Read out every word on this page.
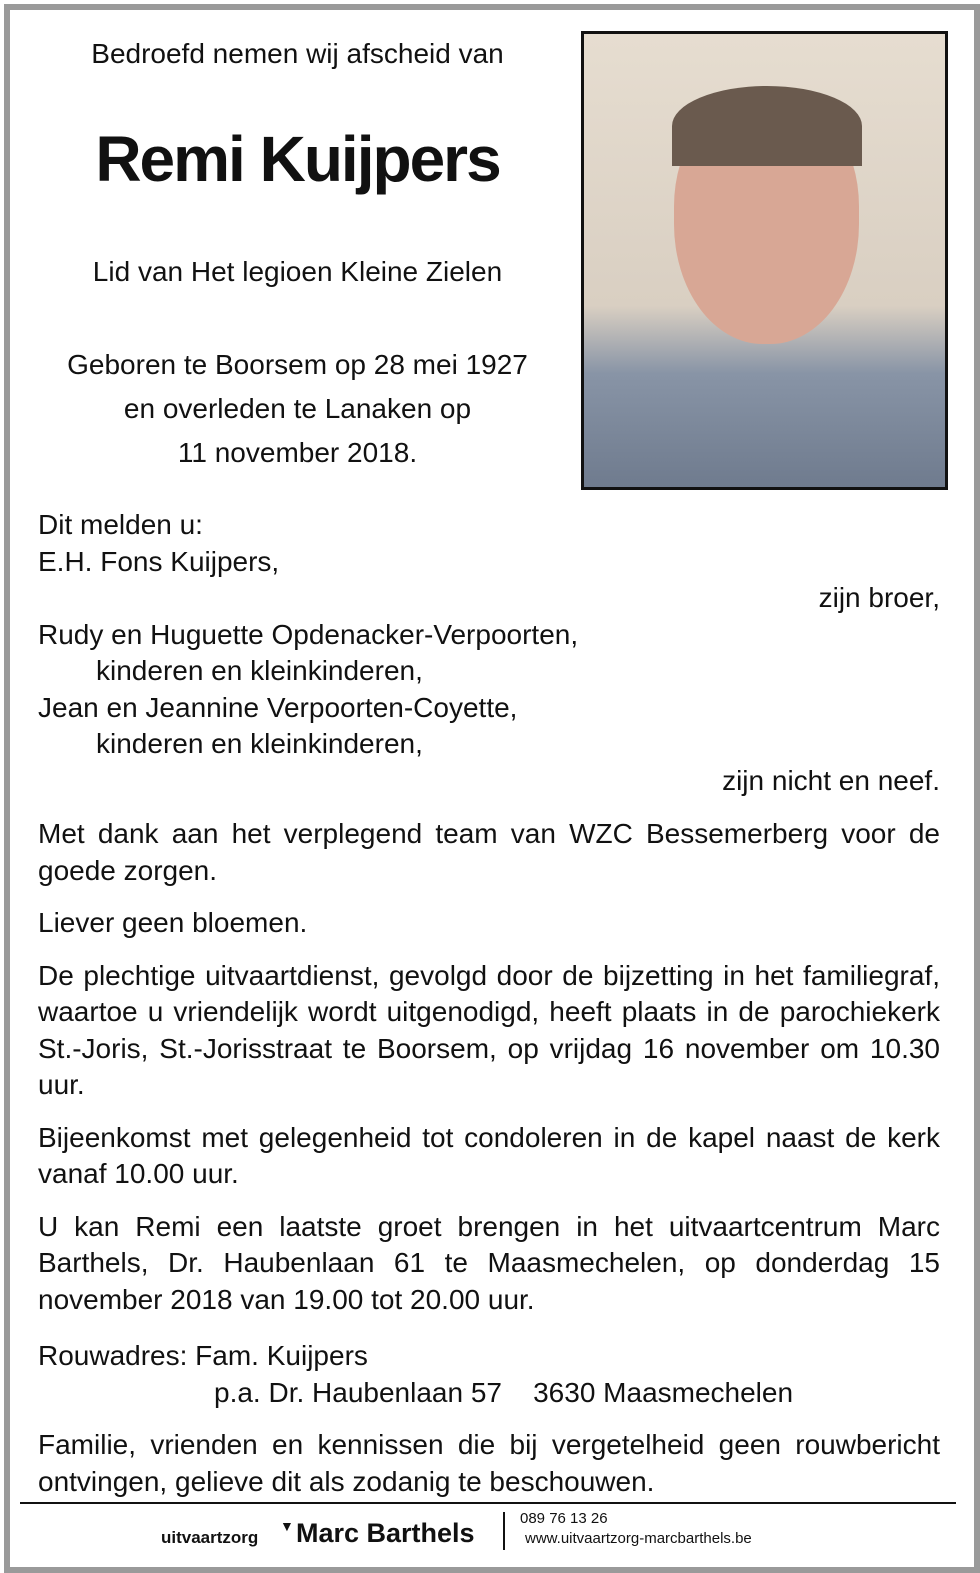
Bedroefd nemen wij afscheid van
Remi Kuijpers
Lid van Het legioen Kleine Zielen
Geboren te Boorsem op 28 mei 1927
en overleden te Lanaken op
11 november 2018.

Dit melden u:

E.H. Fons Kuijpers,

zijn broer,

Rudy en Huguette Opdenacker-Verpoorten,

kinderen en kleinkinderen,

Jean en Jeannine Verpoorten-Coyette,

kinderen en kleinkinderen,

zijn nicht en neef.

Met dank aan het verplegend team van WZC Bessemerberg voor de goede zorgen.

Liever geen bloemen.

De plechtige uitvaartdienst, gevolgd door de bijzetting in het familiegraf, waartoe u vriendelijk wordt uitgenodigd, heeft plaats in de parochiekerk St.-Joris, St.-Jorisstraat te Boorsem, op vrijdag 16 november om 10.30 uur.

Bijeenkomst met gelegenheid tot condoleren in de kapel naast de kerk vanaf 10.00 uur.

U kan Remi een laatste groet brengen in het uitvaartcentrum Marc Barthels, Dr. Haubenlaan 61 te Maasmechelen, op donderdag 15 november 2018 van 19.00 tot 20.00 uur.

Rouwadres: Fam. Kuijpers

p.a. Dr. Haubenlaan 57    3630 Maasmechelen

Familie, vrienden en kennissen die bij vergetelheid geen rouwbericht ontvingen, gelieve dit als zodanig te beschouwen.

uitvaartzorg
▼ Marc Barthels	089 76 13 26
www.uitvaartzorg-marcbarthels.be
